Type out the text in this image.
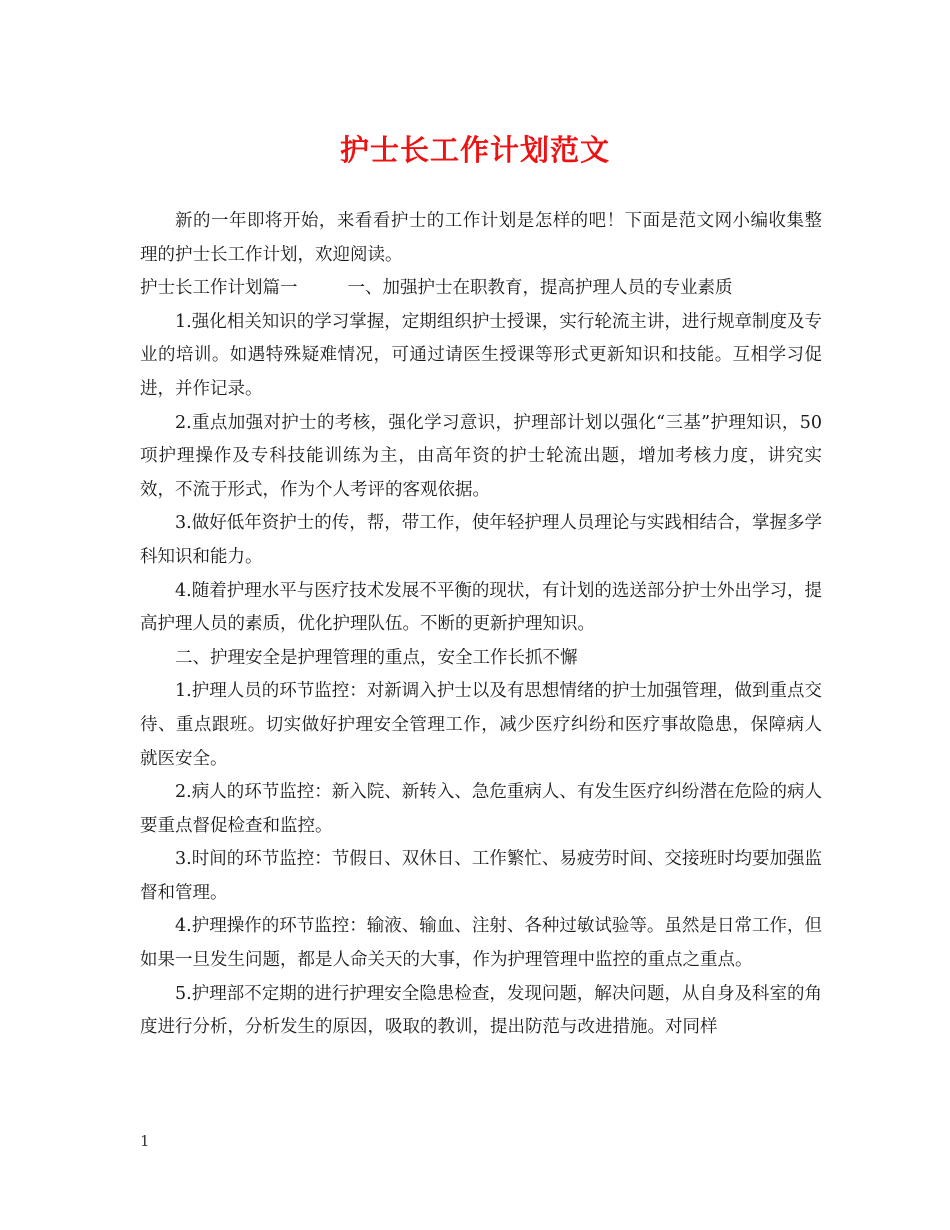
护士长工作计划范文

新的一年即将开始，来看看护士的工作计划是怎样的吧！下面是范文网小编收集整理的护士长工作计划，欢迎阅读。

护士长工作计划篇一	一、加强护士在职教育，提高护理人员的专业素质

1.强化相关知识的学习掌握，定期组织护士授课，实行轮流主讲，进行规章制度及专业的培训。如遇特殊疑难情况，可通过请医生授课等形式更新知识和技能。互相学习促进，并作记录。

2.重点加强对护士的考核，强化学习意识，护理部计划以强化“三基”护理知识，50项护理操作及专科技能训练为主，由高年资的护士轮流出题，增加考核力度，讲究实效，不流于形式，作为个人考评的客观依据。

3.做好低年资护士的传，帮，带工作，使年轻护理人员理论与实践相结合，掌握多学科知识和能力。

4.随着护理水平与医疗技术发展不平衡的现状，有计划的选送部分护士外出学习，提高护理人员的素质，优化护理队伍。不断的更新护理知识。

二、护理安全是护理管理的重点，安全工作长抓不懈

1.护理人员的环节监控：对新调入护士以及有思想情绪的护士加强管理，做到重点交待、重点跟班。切实做好护理安全管理工作，减少医疗纠纷和医疗事故隐患，保障病人就医安全。

2.病人的环节监控：新入院、新转入、急危重病人、有发生医疗纠纷潜在危险的病人要重点督促检查和监控。

3.时间的环节监控：节假日、双休日、工作繁忙、易疲劳时间、交接班时均要加强监督和管理。

4.护理操作的环节监控：输液、输血、注射、各种过敏试验等。虽然是日常工作，但如果一旦发生问题，都是人命关天的大事，作为护理管理中监控的重点之重点。

5.护理部不定期的进行护理安全隐患检查，发现问题，解决问题，从自身及科室的角度进行分析，分析发生的原因，吸取的教训，提出防范与改进措施。对同样

1
